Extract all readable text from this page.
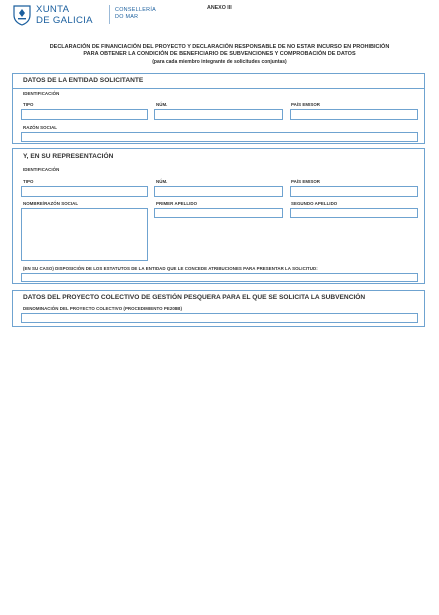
XUNTA
DE GALICIA
CONSELLERÍA
DO MAR
ANEXO III
DECLARACIÓN DE FINANCIACIÓN DEL PROYECTO Y DECLARACIÓN RESPONSABLE DE NO ESTAR INCURSO EN PROHIBICIÓN
PARA OBTENER LA CONDICIÓN DE BENEFICIARIO DE SUBVENCIONES Y COMPROBACIÓN DE DATOS

(para cada miembro integrante de solicitudes conjuntas)
DATOS DE LA ENTIDAD SOLICITANTE
IDENTIFICACIÓN
TIPO	NÚM.	PAÍS EMISOR
RAZÓN SOCIAL
Y, EN SU REPRESENTACIÓN
IDENTIFICACIÓN
TIPO	NÚM.	PAÍS EMISOR
NOMBRE/RAZÓN SOCIAL	PRIMER APELLIDO	SEGUNDO APELLIDO
(EN SU CASO) DISPOSICIÓN DE LOS ESTATUTOS DE LA ENTIDAD QUE LE CONCEDE ATRIBUCIONES PARA PRESENTAR LA SOLICITUD:
DATOS DEL PROYECTO COLECTIVO DE GESTIÓN PESQUERA PARA EL QUE SE SOLICITA LA SUBVENCIÓN
DENOMINACIÓN DEL PROYECTO COLECTIVO (PROCEDIMIENTO PE208B)
